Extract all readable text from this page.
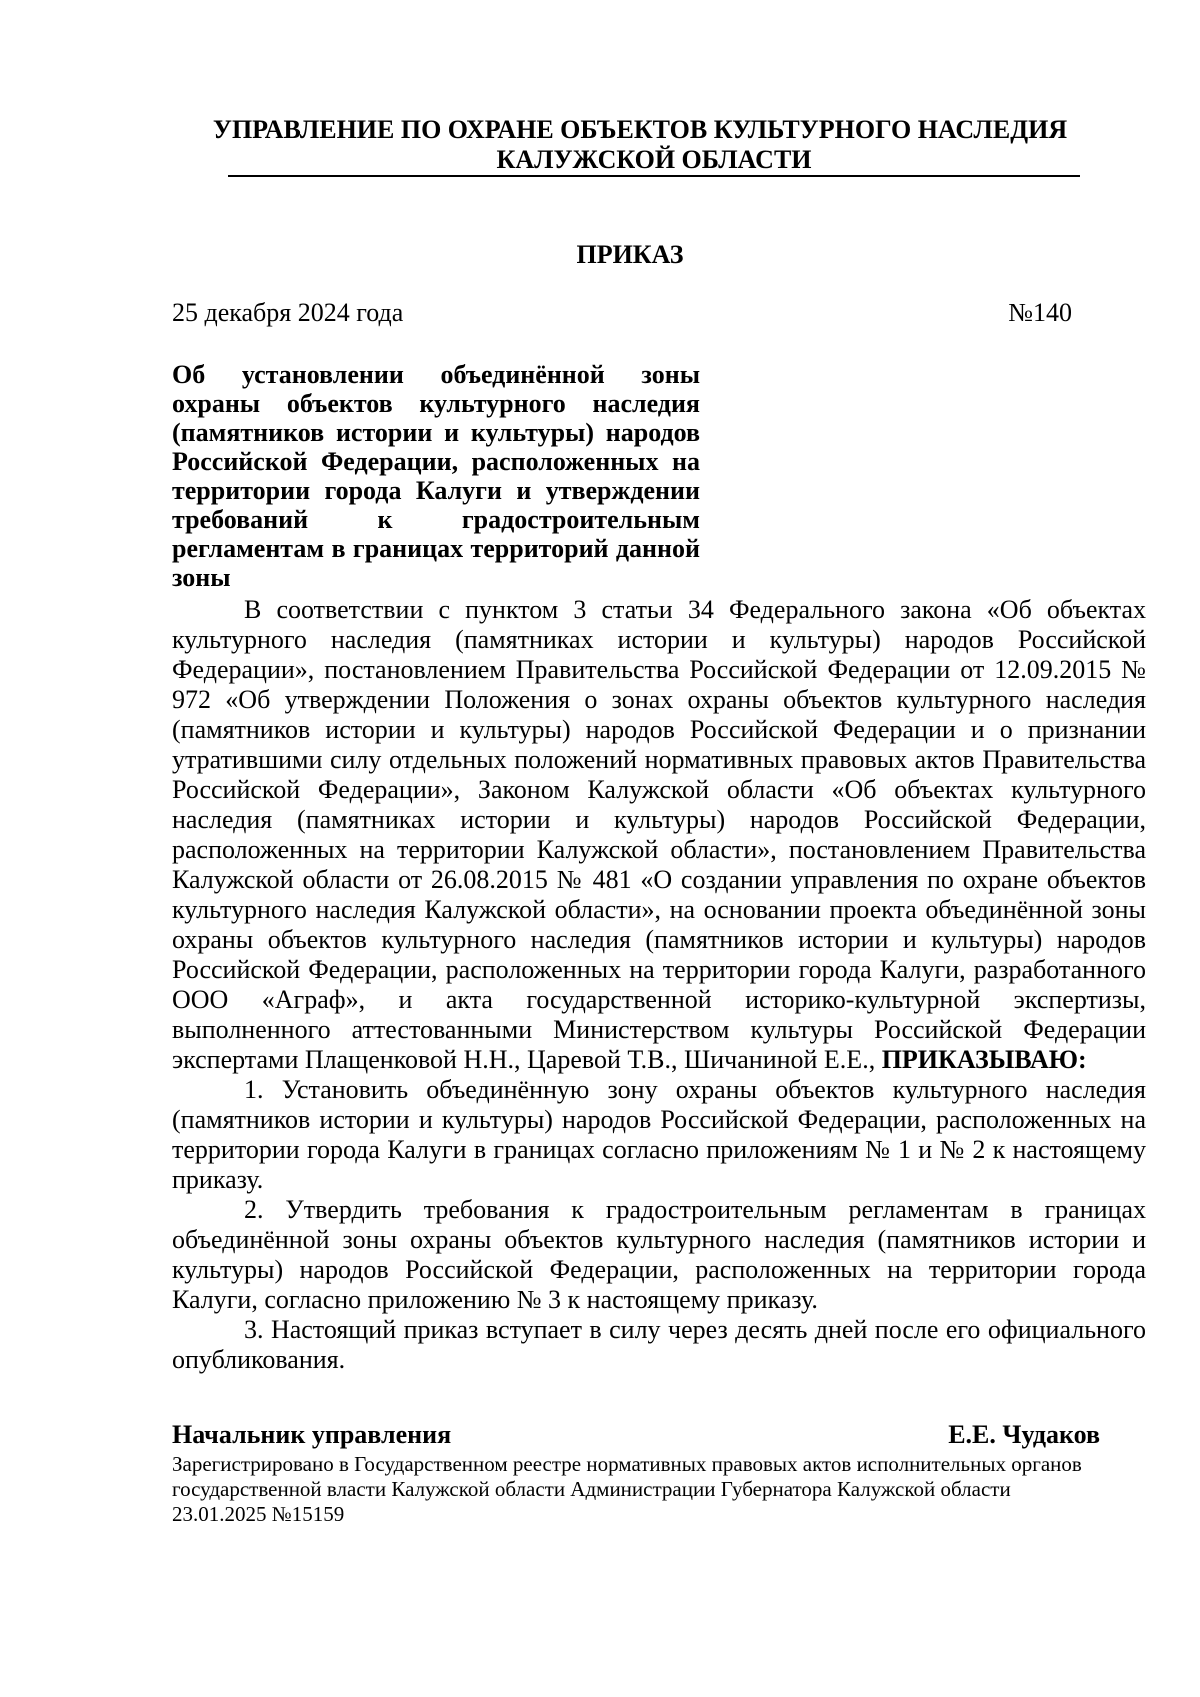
УПРАВЛЕНИЕ ПО ОХРАНЕ ОБЪЕКТОВ КУЛЬТУРНОГО НАСЛЕДИЯ
КАЛУЖСКОЙ ОБЛАСТИ
ПРИКАЗ
25 декабря 2024 года	№140
Об установлении объединённой зоны охраны объектов культурного наследия (памятников истории и культуры) народов Российской Федерации, расположенных на территории города Калуги и утверждении требований к градостроительным регламентам в границах территорий данной зоны

В соответствии с пунктом 3 статьи 34 Федерального закона «Об объектах культурного наследия (памятниках истории и культуры) народов Российской Федерации», постановлением Правительства Российской Федерации от 12.09.2015 № 972 «Об утверждении Положения о зонах охраны объектов культурного наследия (памятников истории и культуры) народов Российской Федерации и о признании утратившими силу отдельных положений нормативных правовых актов Правительства Российской Федерации», Законом Калужской области «Об объектах культурного наследия (памятниках истории и культуры) народов Российской Федерации, расположенных на территории Калужской области», постановлением Правительства Калужской области от 26.08.2015 № 481 «О создании управления по охране объектов культурного наследия Калужской области», на основании проекта объединённой зоны охраны объектов культурного наследия (памятников истории и культуры) народов Российской Федерации, расположенных на территории города Калуги, разработанного ООО «Аграф», и акта государственной историко-культурной экспертизы, выполненного аттестованными Министерством культуры Российской Федерации экспертами Плащенковой Н.Н., Царевой Т.В., Шичаниной Е.Е., ПРИКАЗЫВАЮ:

1. Установить объединённую зону охраны объектов культурного наследия (памятников истории и культуры) народов Российской Федерации, расположенных на территории города Калуги в границах согласно приложениям № 1 и № 2 к настоящему приказу.

2. Утвердить требования к градостроительным регламентам в границах объединённой зоны охраны объектов культурного наследия (памятников истории и культуры) народов Российской Федерации, расположенных на территории города Калуги, согласно приложению № 3 к настоящему приказу.

3. Настоящий приказ вступает в силу через десять дней после его официального опубликования.

Начальник управления	Е.Е. Чудаков
Зарегистрировано в Государственном реестре нормативных правовых актов исполнительных органов государственной власти Калужской области Администрации Губернатора Калужской области 23.01.2025 №15159
